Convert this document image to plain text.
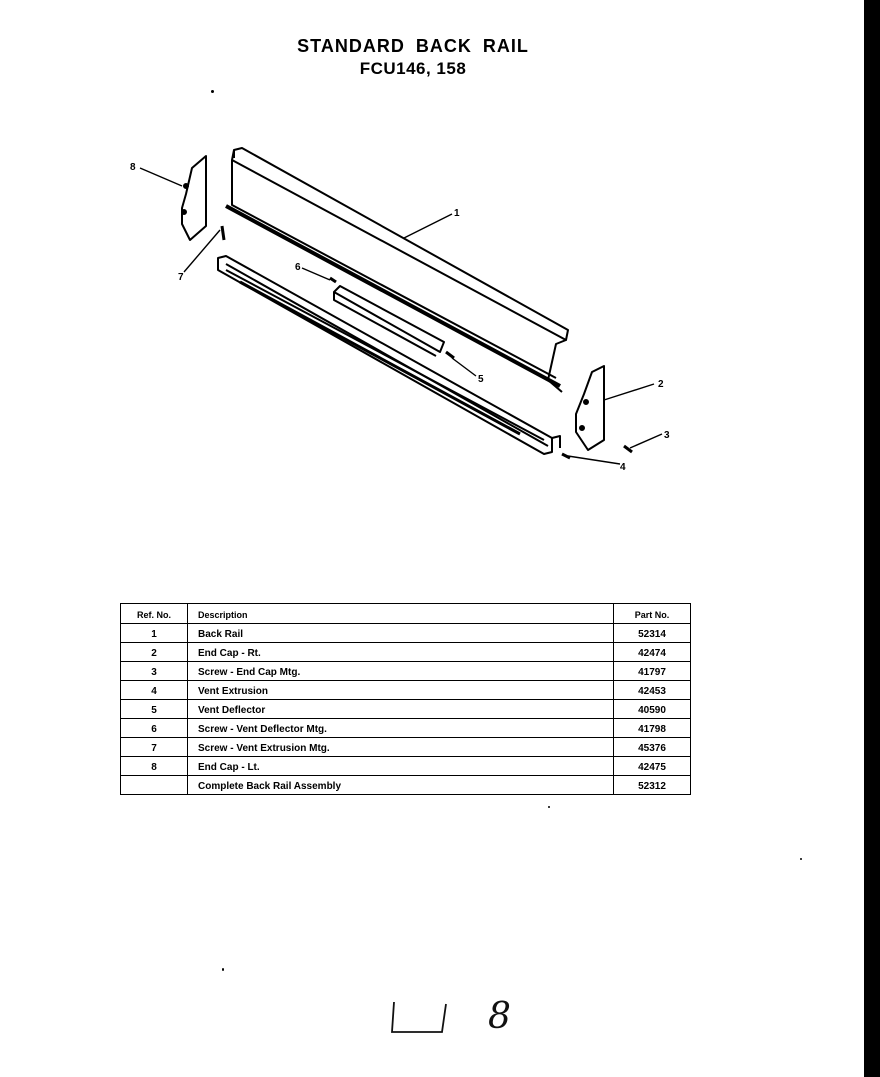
STANDARD BACK RAIL
FCU146, 158
8
1
7
6
5	2
3
4
Ref. No.	Description	Part No.
1	Back Rail	52314
2	End Cap - Rt.	42474
3	Screw - End Cap Mtg.	41797
4	Vent Extrusion	42453
5	Vent Deflector	40590
6	Screw - Vent Deflector Mtg.	41798
7	Screw - Vent Extrusion Mtg.	45376
8	End Cap - Lt.	42475
	Complete Back Rail Assembly	52312
8
